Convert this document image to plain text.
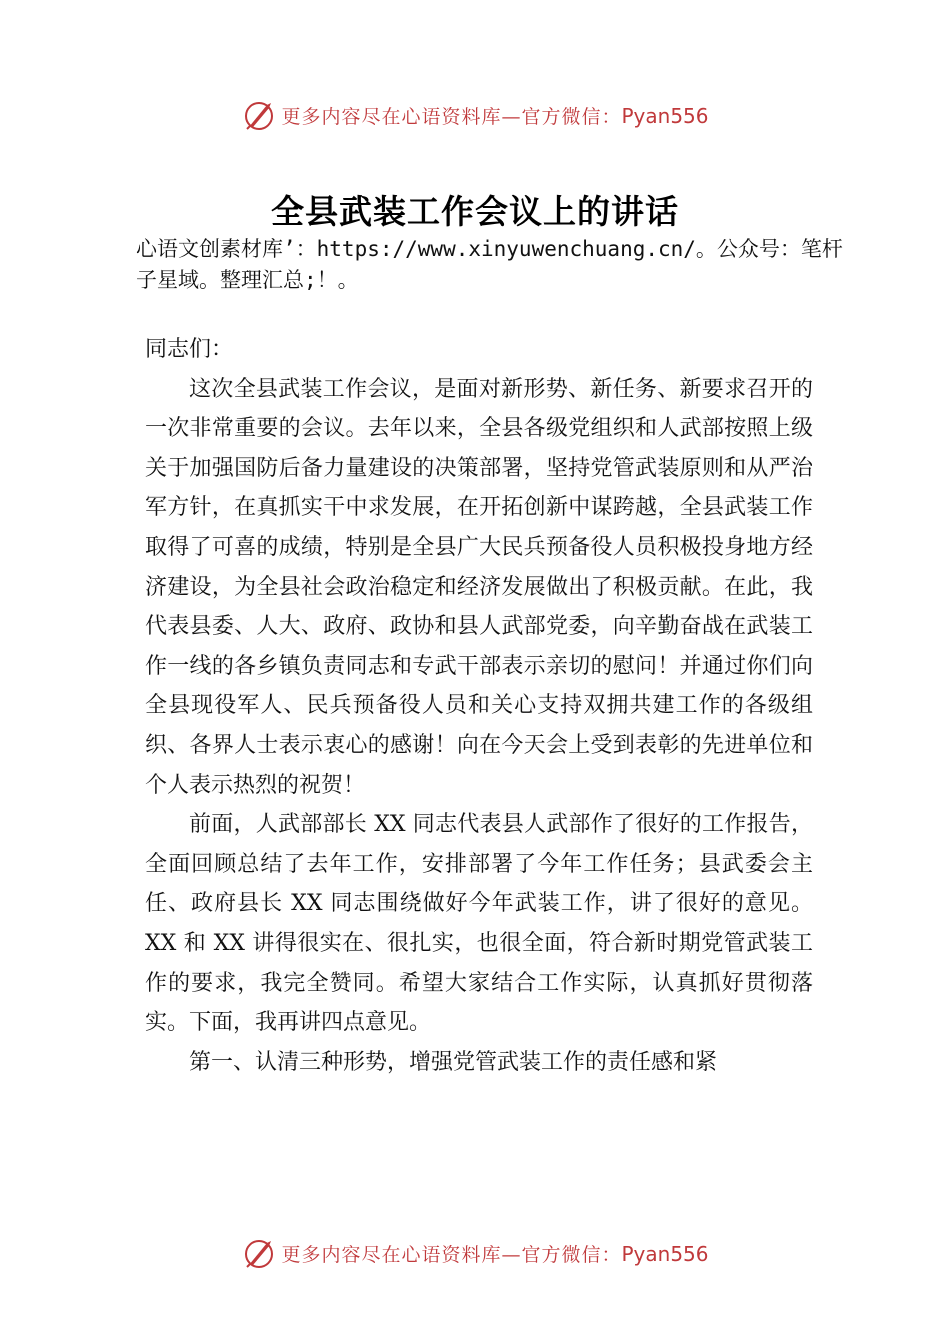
更多内容尽在心语资料库—官方微信：Pyan556
全县武装工作会议上的讲话
心语文创素材库’：https://www.xinyuwenchuang.cn/。公众号：笔杆子星域。整理汇总;！。

同志们：

这次全县武装工作会议，是面对新形势、新任务、新要求召开的一次非常重要的会议。去年以来，全县各级党组织和人武部按照上级关于加强国防后备力量建设的决策部署，坚持党管武装原则和从严治军方针，在真抓实干中求发展，在开拓创新中谋跨越，全县武装工作取得了可喜的成绩，特别是全县广大民兵预备役人员积极投身地方经济建设，为全县社会政治稳定和经济发展做出了积极贡献。在此，我代表县委、人大、政府、政协和县人武部党委，向辛勤奋战在武装工作一线的各乡镇负责同志和专武干部表示亲切的慰问！并通过你们向全县现役军人、民兵预备役人员和关心支持双拥共建工作的各级组织、各界人士表示衷心的感谢！向在今天会上受到表彰的先进单位和个人表示热烈的祝贺！

前面，人武部部长 XX 同志代表县人武部作了很好的工作报告，全面回顾总结了去年工作，安排部署了今年工作任务；县武委会主任、政府县长 XX 同志围绕做好今年武装工作，讲了很好的意见。XX 和 XX 讲得很实在、很扎实，也很全面，符合新时期党管武装工作的要求，我完全赞同。希望大家结合工作实际，认真抓好贯彻落实。下面，我再讲四点意见。

第一、认清三种形势，增强党管武装工作的责任感和紧

更多内容尽在心语资料库—官方微信：Pyan556
